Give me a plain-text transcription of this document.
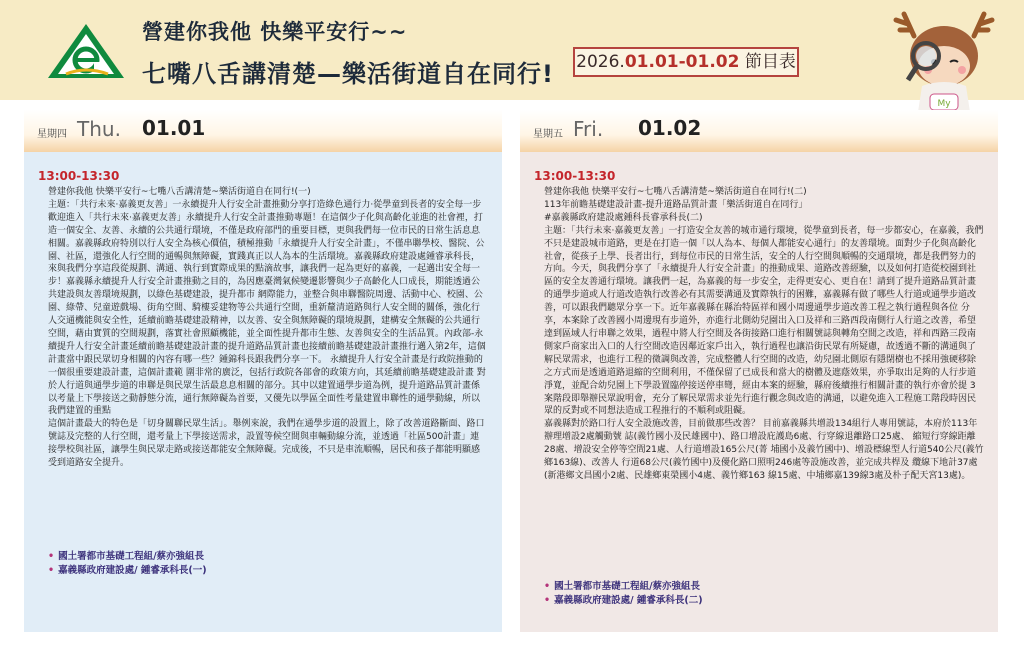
營建你我他 快樂平安行~~
七嘴八舌講清楚—樂活街道自在同行! 2026.01.01-01.02 節目表
My
星期四 Thu. 01.01
13:00-13:30

營建你我他 快樂平安行~七嘴八舌講清楚~樂活街道自在同行!(一)

主題：「共行未來‧嘉義更友善」一永續提升人行安全計畫推動分享打造綠色通行力‧從學童到長者的安全每一步歡迎進入「共行未來‧嘉義更友善」永續提升人行安全計畫推動專題！在這個少子化與高齡化並進的社會裡，打造一個安全、友善、永續的公共通行環境，不僅是政府部門的重要目標，更與我們每一位市民的日常生活息息相關。嘉義縣政府特別以行人安全為核心價值，積極推動「永續提升人行安全計畫」，不僅串聯學校、醫院、公園、社區，還強化人行空間的通暢與無障礙，實踐真正以人為本的生活環境。嘉義縣政府建設處鍾睿承科長，來與我們分享這段從規劃、溝通、執行到實際成果的點滴故事，讓我們一起為更好的嘉義，一起邁出安全每一步！嘉義縣永續提升人行安全計畫推動之目的，為因應臺灣氣候變遷影響與少子高齡化人口成長，期能透過公共建設與友善環境規劃，以綠色基礎建設，提升都市 網際能力，並整合與串聯醫院周邊、活動中心、校園、公園、綠帶、兒童遊戲場、街角空間、騎樓妥建物等公共通行空間，重新釐清道路與行人安全間的關係，強化行人交通機能與安全性，延續前瞻基礎建設精神，以友善、安全與無障礙的環境規劃，建構安全無礙的公共通行空間，藉由實質的空間規劃，落實社會照顧機能，並全面性提升都市生態、友善與安全的生活品質。內政部-永續提升人行安全計畫延續前瞻基礎建設計畫的提升道路品質計畫也接續前瞻基礎建設計畫推行邁入第2年，這個計畫當中跟民眾切身相關的內容有哪一些？鍾錦科長跟我們分享一下。 永續提升人行安全計畫是行政院推動的一個很重要建設計畫，這個計畫範 圍非常的廣泛，包括行政院各部會的政策方向，其延續前瞻基礎建設計畫 對於人行道與通學步道的串聯是與民眾生活最息息相關的部分。其中以建置通學步道為例，提升道路品質計畫係以考量上下學接送之動靜態分流，通行無障礙為首要，又優先以學區全面性考量建置串聯性的通學動線，所以我們建置的重點

這個計畫最大的特色是「切身關聯民眾生活」。舉例來說，我們在通學步道的設置上，除了改善道路斷面、路口號誌及完整的人行空間，還考量上下學接送需求，設置等候空間與車輛動線分流，並透過「社區500計畫」連接學校與社區，讓學生與民眾走路或接送都能安全無障礙。完成後，不只是車流順暢，居民和孩子都能明顯感受到道路安全提升。

• 國土署都市基礎工程組/蔡亦強組長
• 嘉義縣政府建設處/ 鍾睿承科長(一)
星期五 Fri. 01.02
13:00-13:30

營建你我他 快樂平安行~七嘴八舌講清楚~樂活街道自在同行!(二)

113年前瞻基礎建設計畫-提升道路品質計畫「樂活街道自在同行」

#嘉義縣政府建設處鍾科長睿承科長(二)

主題：「共行未來‧嘉義更友善」一打造安全友善的城市通行環境，從學童到長者，每一步都安心，在嘉義，我們不只是建設城市道路，更是在打造一個「以人為本、每個人都能安心通行」的友善環境。面對少子化與高齡化社會，從孩子上學、長者出行，到每位市民的日常生活，安全的人行空間與順暢的交通環境，都是我們努力的方向。今天，與我們分享了「永續提升人行安全計畫」的推動成果、道路改善經驗，以及如何打造從校園到社區的安全友善通行環境。讓我們一起，為嘉義的每一步安全，走得更安心、更自在！請到了提升道路品質計畫的通學步道或人行道改造執行改善必有其需要溝通及實際執行的困難，嘉義縣有做了哪些人行道或通學步道改善，可以跟我們聽眾分享一下。近年嘉義縣在縣治特區祥和國小周邊通學步道改善工程之執行過程與各位 分享，本案除了改善國小周邊現有步道外，亦進行北側幼兒園出入口及祥和三路西段南側行人行道之改善，希望達到區域人行串聯之效果，過程中將人行空間及各街接路口進行相關號誌與轉角空間之改造，祥和西路三段南側家戶商家出入口的人行空間改造因鄰近家戶出入，執行過程也讓沿街民眾有所疑慮，故透過不斷的溝通與了解民眾需求，也進行工程的微調與改善，完成整體人行空間的改造，幼兒園北側原有隱閉樹也不採用強硬移除之方式而是透過道路退縮的空間利用，不僅保留了已成長和當大的樹體及遮蔭效果，亦爭取出足夠的人行步道淨寬，並配合幼兒園上下學設置臨停接送停車彎，經由本案的經驗，縣府後續推行相關計畫的執行亦會於提 3 案階段即舉辦民眾說明會，充分了解民眾需求並先行進行觀念與改造的溝通，以避免進入工程施工階段時因民眾的反對或不同想法造成工程推行的不順利或阻礙。

嘉義縣對於路口行人安全設施改善，目前做那些改善？ 目前嘉義縣共增設134組行人專用號誌，本府於113年辦理增設2處觸動號 誌(義竹國小及民雄國中)、路口增設庇護島6處、行穿線退離路口25處、 縮短行穿線距離28處、增設安全停等空間21處、人行道增設165公尺(菁 埔國小及義竹國中)、增設標線型人行道540公尺(義竹鄉163線)、改善人 行道68公尺(義竹國中)及優化路口照明246處等設施改善，並完成共桿及 纜線下地計37處(新港鄉文昌國小2處、民雄鄉東榮國小4處、義竹鄉163 線15處、中埔鄉嘉139線3處及朴子配天宮13處)。

• 國土署都市基礎工程組/蔡亦強組長
• 嘉義縣政府建設處/ 鍾睿承科長(二)
